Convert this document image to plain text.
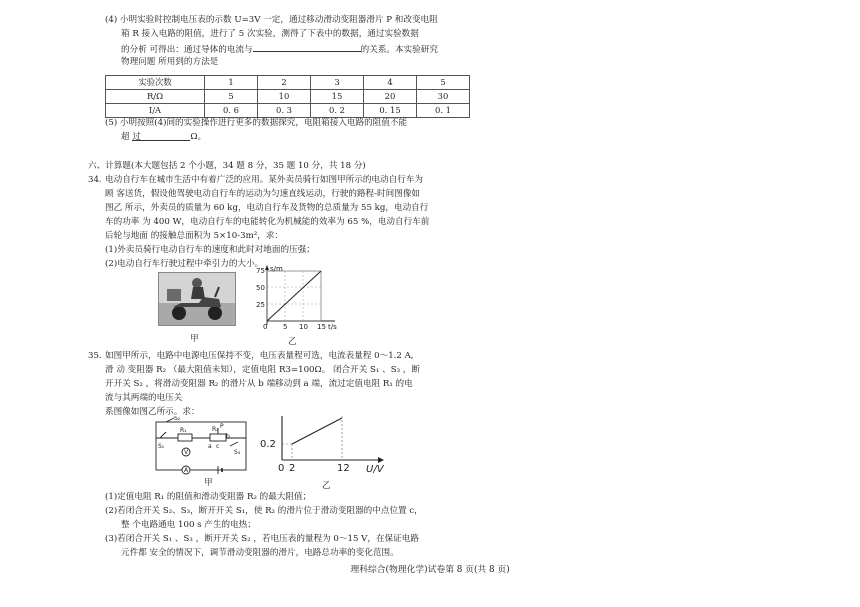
(4) 小明实验时控制电压表的示数 U=3V 一定，通过移动滑动变阻器滑片 P 和改变电阻
箱 R 接入电路的阻值，进行了 5 次实验，测得了下表中的数据，通过实验数据
的分析 可得出：通过导体的电流与	的关系。本实验研究
物理问题 所用到的方法是
实验次数	1	2	3	4	5
R/Ω	5	10	15	20	30
I/A	0. 6	0. 3	0. 2	0. 15	0. 1
(5) 小明按照(4)间的实验操作进行更多的数据探究，电阻箱接入电路的阻值不能
超 过	Ω。
六、计算题(本大题包括 2 个小题，34 题 8 分，35 题 10 分，共 18 分)
34. 电动自行车在城市生活中有着广泛的应用。某外卖员骑行如图甲所示的电动自行车为
顾 客送货，假设他驾驶电动自行车的运动为匀速直线运动，行驶的路程-时间图像如
图乙 所示，外卖员的质量为 60 kg，电动自行车及货物的总质量为 55 kg，电动自行
车的功率 为 400 W，电动自行车的电能转化为机械能的效率为 65 %，电动自行车前
后轮与地面 的接触总面积为 5×10-3m²，求：
(1)外卖员骑行电动自行车的速度和此时对地面的压强；
(2)电动自行车行驶过程中牵引力的大小。
甲
s/m
75
50
25
0 5 10 15 t/s
乙
35. 如图甲所示，电路中电源电压保持不变，电压表量程可选，电流表量程 0～1.2 A,
滑 动 变阻器 R₂ （最大阻值未知），定值电阻 R3=100Ω。 闭合开关 S₁ 、S₃ ，断
开开关 S₂ ，将滑动变阻器 R₂ 的滑片从 b 端移动到 a 端，流过定值电阻 R₁ 的电
流与其两端的电压关
系图像如图乙所示。求：
S₂
R₁	R₂
a c
b
P
S₁
S₃
V
A
甲
0.2
0 2	12 U/V
乙
(1)定值电阻 R₁ 的阻值和滑动变阻器 R₂ 的最大阻值；
(2)若闭合开关 S₂、S₃，断开开关 S₁，使 R₂ 的滑片位于滑动变阻器的中点位置 c，
整 个电路通电 100 s 产生的电热；
(3)若闭合开关 S₁ 、S₃ ，断开开关 S₂ ，若电压表的量程为 0～15 V，在保证电路
元件都 安全的情况下，调节滑动变阻器的滑片，电路总功率的变化范围。
理科综合(物理化学)试卷第 8 页(共 8 页)
